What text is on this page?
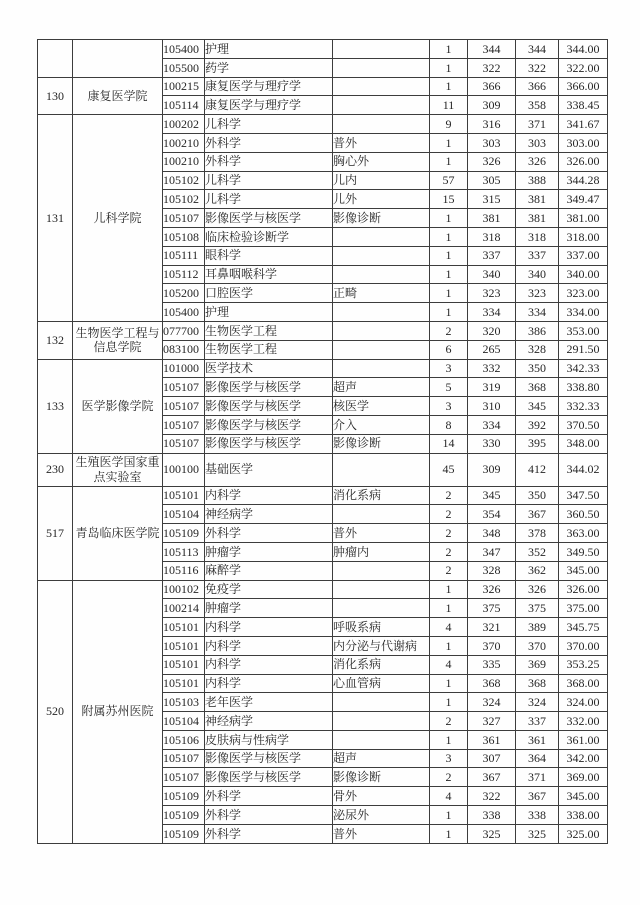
		105400	护理		1	344	344	344.00
		105500	药学		1	322	322	322.00
130	康复医学院	100215	康复医学与理疗学		1	366	366	366.00
		105114	康复医学与理疗学		11	309	358	338.45
131	儿科学院	100202	儿科学		9	316	371	341.67
		100210	外科学	普外	1	303	303	303.00
		100210	外科学	胸心外	1	326	326	326.00
		105102	儿科学	儿内	57	305	388	344.28
		105102	儿科学	儿外	15	315	381	349.47
		105107	影像医学与核医学	影像诊断	1	381	381	381.00
		105108	临床检验诊断学		1	318	318	318.00
		105111	眼科学		1	337	337	337.00
		105112	耳鼻咽喉科学		1	340	340	340.00
		105200	口腔医学	正畸	1	323	323	323.00
		105400	护理		1	334	334	334.00
132	生物医学工程与信息学院	077700	生物医学工程		2	320	386	353.00
		083100	生物医学工程		6	265	328	291.50
133	医学影像学院	101000	医学技术		3	332	350	342.33
		105107	影像医学与核医学	超声	5	319	368	338.80
		105107	影像医学与核医学	核医学	3	310	345	332.33
		105107	影像医学与核医学	介入	8	334	392	370.50
		105107	影像医学与核医学	影像诊断	14	330	395	348.00
230	生殖医学国家重点实验室	100100	基础医学		45	309	412	344.02
517	青岛临床医学院	105101	内科学	消化系病	2	345	350	347.50
		105104	神经病学		2	354	367	360.50
		105109	外科学	普外	2	348	378	363.00
		105113	肿瘤学	肿瘤内	2	347	352	349.50
		105116	麻醉学		2	328	362	345.00
520	附属苏州医院	100102	免疫学		1	326	326	326.00
		100214	肿瘤学		1	375	375	375.00
		105101	内科学	呼吸系病	4	321	389	345.75
		105101	内科学	内分泌与代谢病	1	370	370	370.00
		105101	内科学	消化系病	4	335	369	353.25
		105101	内科学	心血管病	1	368	368	368.00
		105103	老年医学		1	324	324	324.00
		105104	神经病学		2	327	337	332.00
		105106	皮肤病与性病学		1	361	361	361.00
		105107	影像医学与核医学	超声	3	307	364	342.00
		105107	影像医学与核医学	影像诊断	2	367	371	369.00
		105109	外科学	骨外	4	322	367	345.00
		105109	外科学	泌尿外	1	338	338	338.00
		105109	外科学	普外	1	325	325	325.00
